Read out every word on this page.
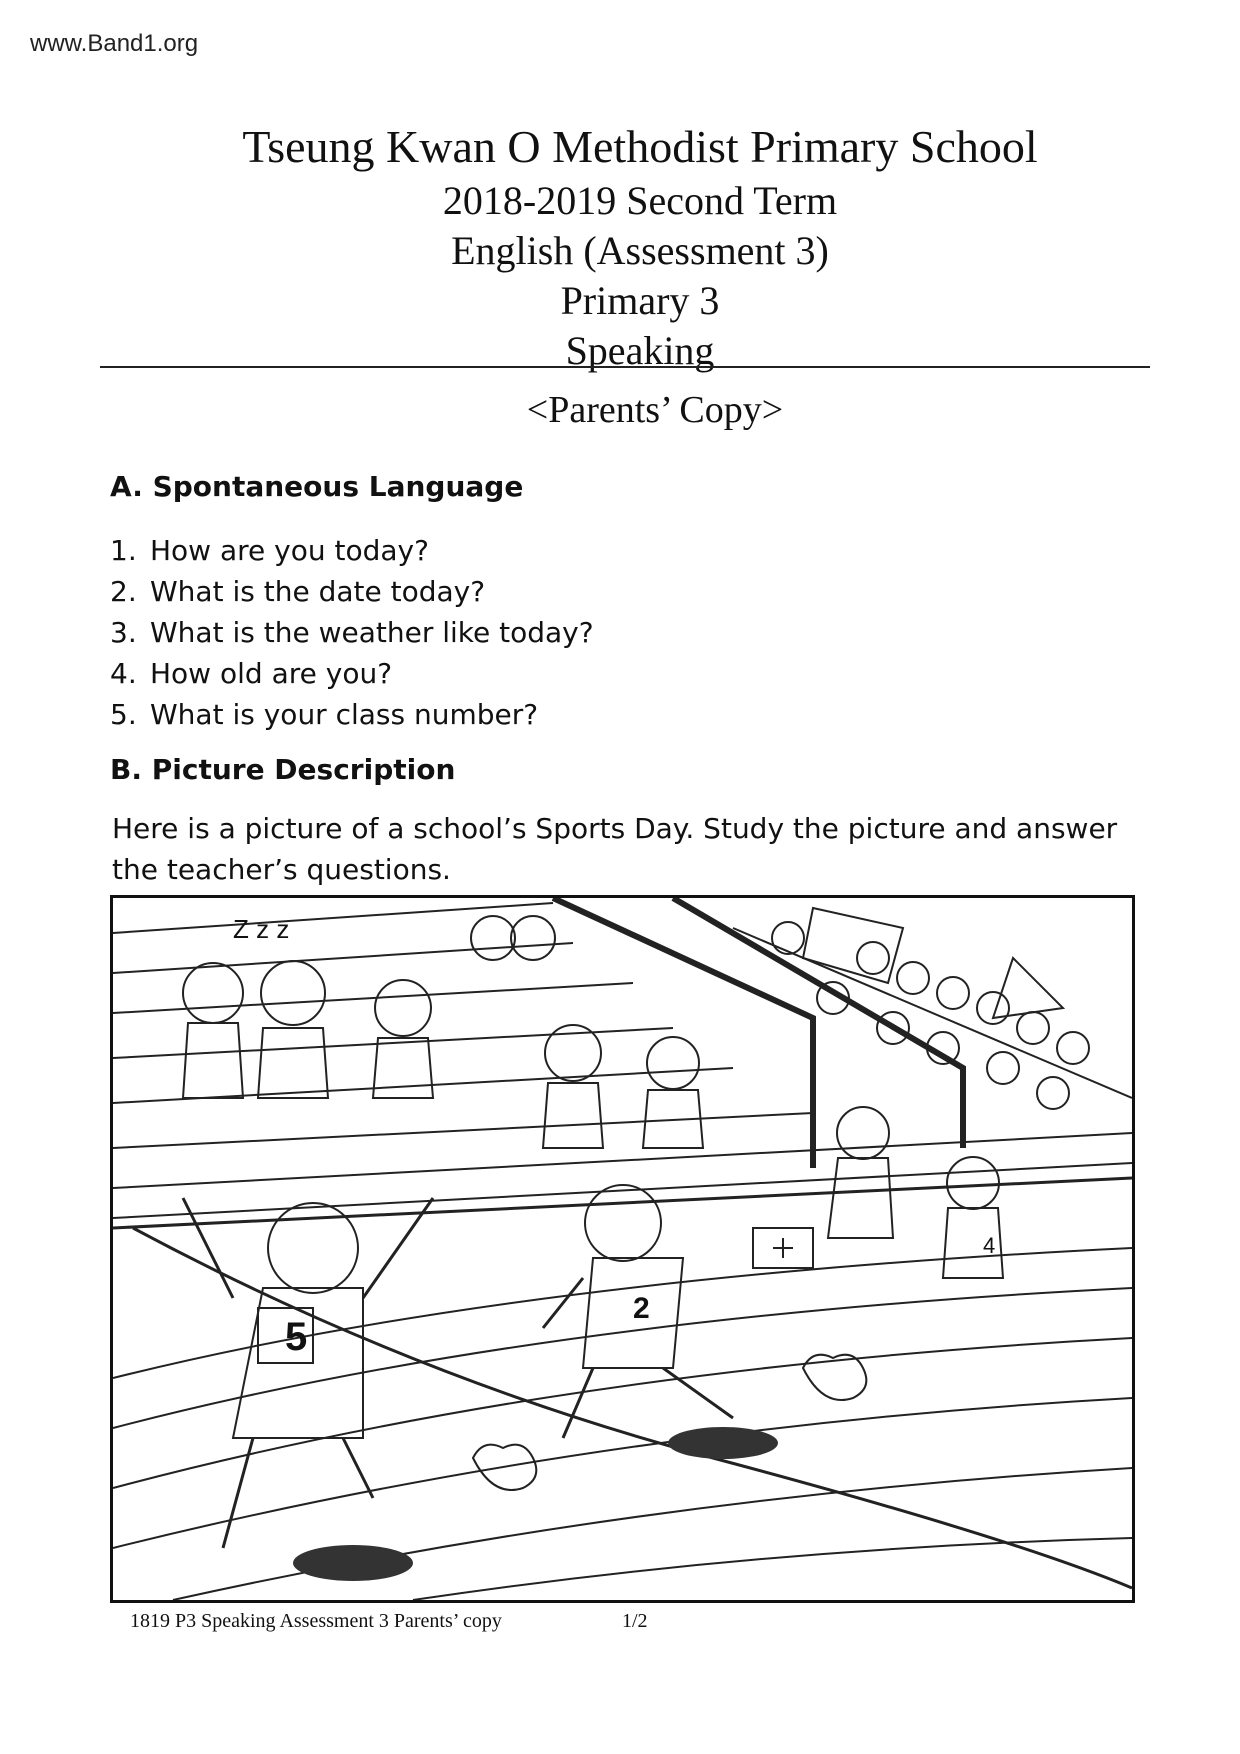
www.Band1.org
Tseung Kwan O Methodist Primary School
2018-2019 Second Term
English (Assessment 3)
Primary 3
Speaking
<Parents’ Copy>
A. Spontaneous Language
1. How are you today?
2. What is the date today?
3. What is the weather like today?
4. How old are you?
5. What is your class number?
B. Picture Description
Here is a picture of a school’s Sports Day. Study the picture and answer the teacher’s questions.
5
2
4
Z z z
1819 P3 Speaking Assessment 3 Parents’ copy	1/2
